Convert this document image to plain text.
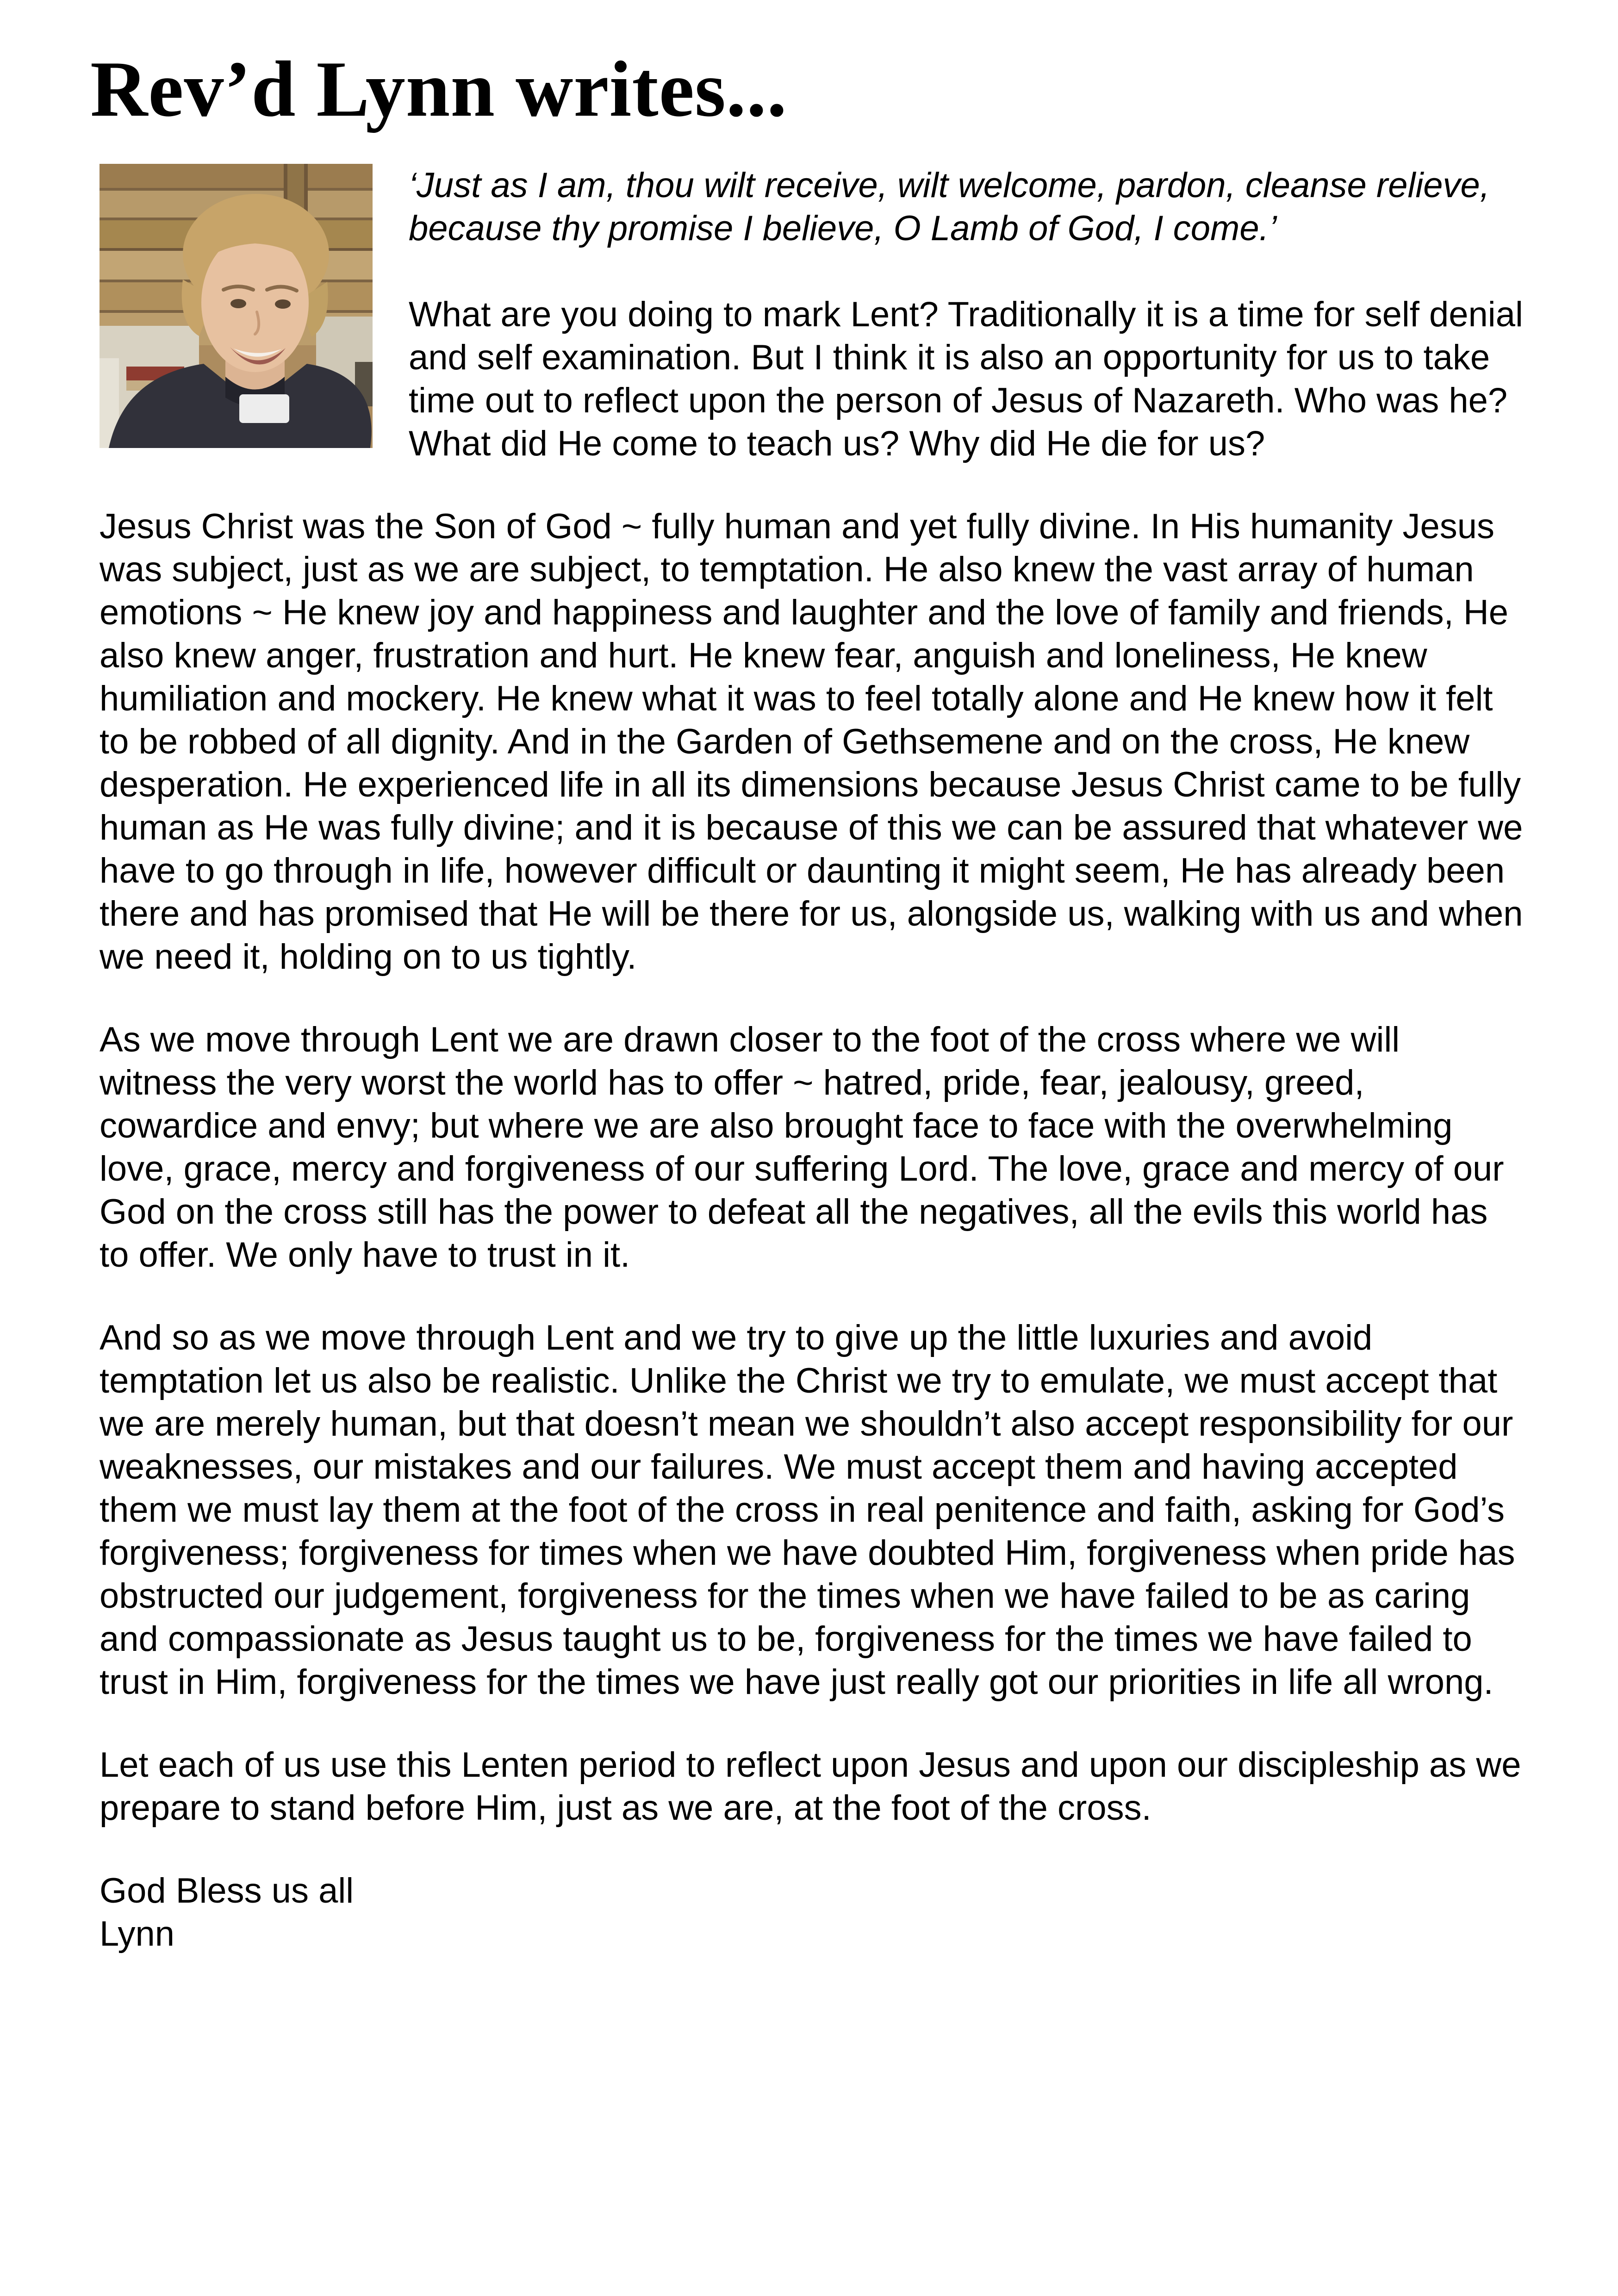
Rev’d Lynn writes...

‘Just as I am, thou wilt receive, wilt welcome, pardon, cleanse relieve, because thy promise I believe, O Lamb of God, I come.’

What are you doing to mark Lent? Traditionally it is a time for self denial and self examination. But I think it is also an opportunity for us to take time out to reflect upon the person of Jesus of Nazareth. Who was he? What did He come to teach us? Why did He die for us?

Jesus Christ was the Son of God ~ fully human and yet fully divine. In His humanity Jesus was subject, just as we are subject, to temptation. He also knew the vast array of human emotions ~ He knew joy and happiness and laughter and the love of family and friends, He also knew anger, frustration and hurt. He knew fear, anguish and loneliness, He knew humiliation and mockery. He knew what it was to feel totally alone and He knew how it felt to be robbed of all dignity. And in the Garden of Gethsemene and on the cross, He knew desperation. He experienced life in all its dimensions because Jesus Christ came to be fully human as He was fully divine; and it is because of this we can be assured that whatever we have to go through in life, however difficult or daunting it might seem, He has already been there and has promised that He will be there for us, alongside us, walking with us and when we need it, holding on to us tightly.

As we move through Lent we are drawn closer to the foot of the cross where we will witness the very worst the world has to offer ~ hatred, pride, fear, jealousy, greed, cowardice and envy; but where we are also brought face to face with the overwhelming love, grace, mercy and forgiveness of our suffering Lord. The love, grace and mercy of our God on the cross still has the power to defeat all the negatives, all the evils this world has to offer. We only have to trust in it.

And so as we move through Lent and we try to give up the little luxuries and avoid temptation let us also be realistic. Unlike the Christ we try to emulate, we must accept that we are merely human, but that doesn’t mean we shouldn’t also accept responsibility for our weaknesses, our mistakes and our failures. We must accept them and having accepted them we must lay them at the foot of the cross in real penitence and faith, asking for God’s forgiveness; forgiveness for times when we have doubted Him, forgiveness when pride has obstructed our judgement, forgiveness for the times when we have failed to be as caring and compassionate as Jesus taught us to be, forgiveness for the times we have failed to trust in Him, forgiveness for the times we have just really got our priorities in life all wrong.

Let each of us use this Lenten period to reflect upon Jesus and upon our discipleship as we prepare to stand before Him, just as we are, at the foot of the cross.

God Bless us all
Lynn
